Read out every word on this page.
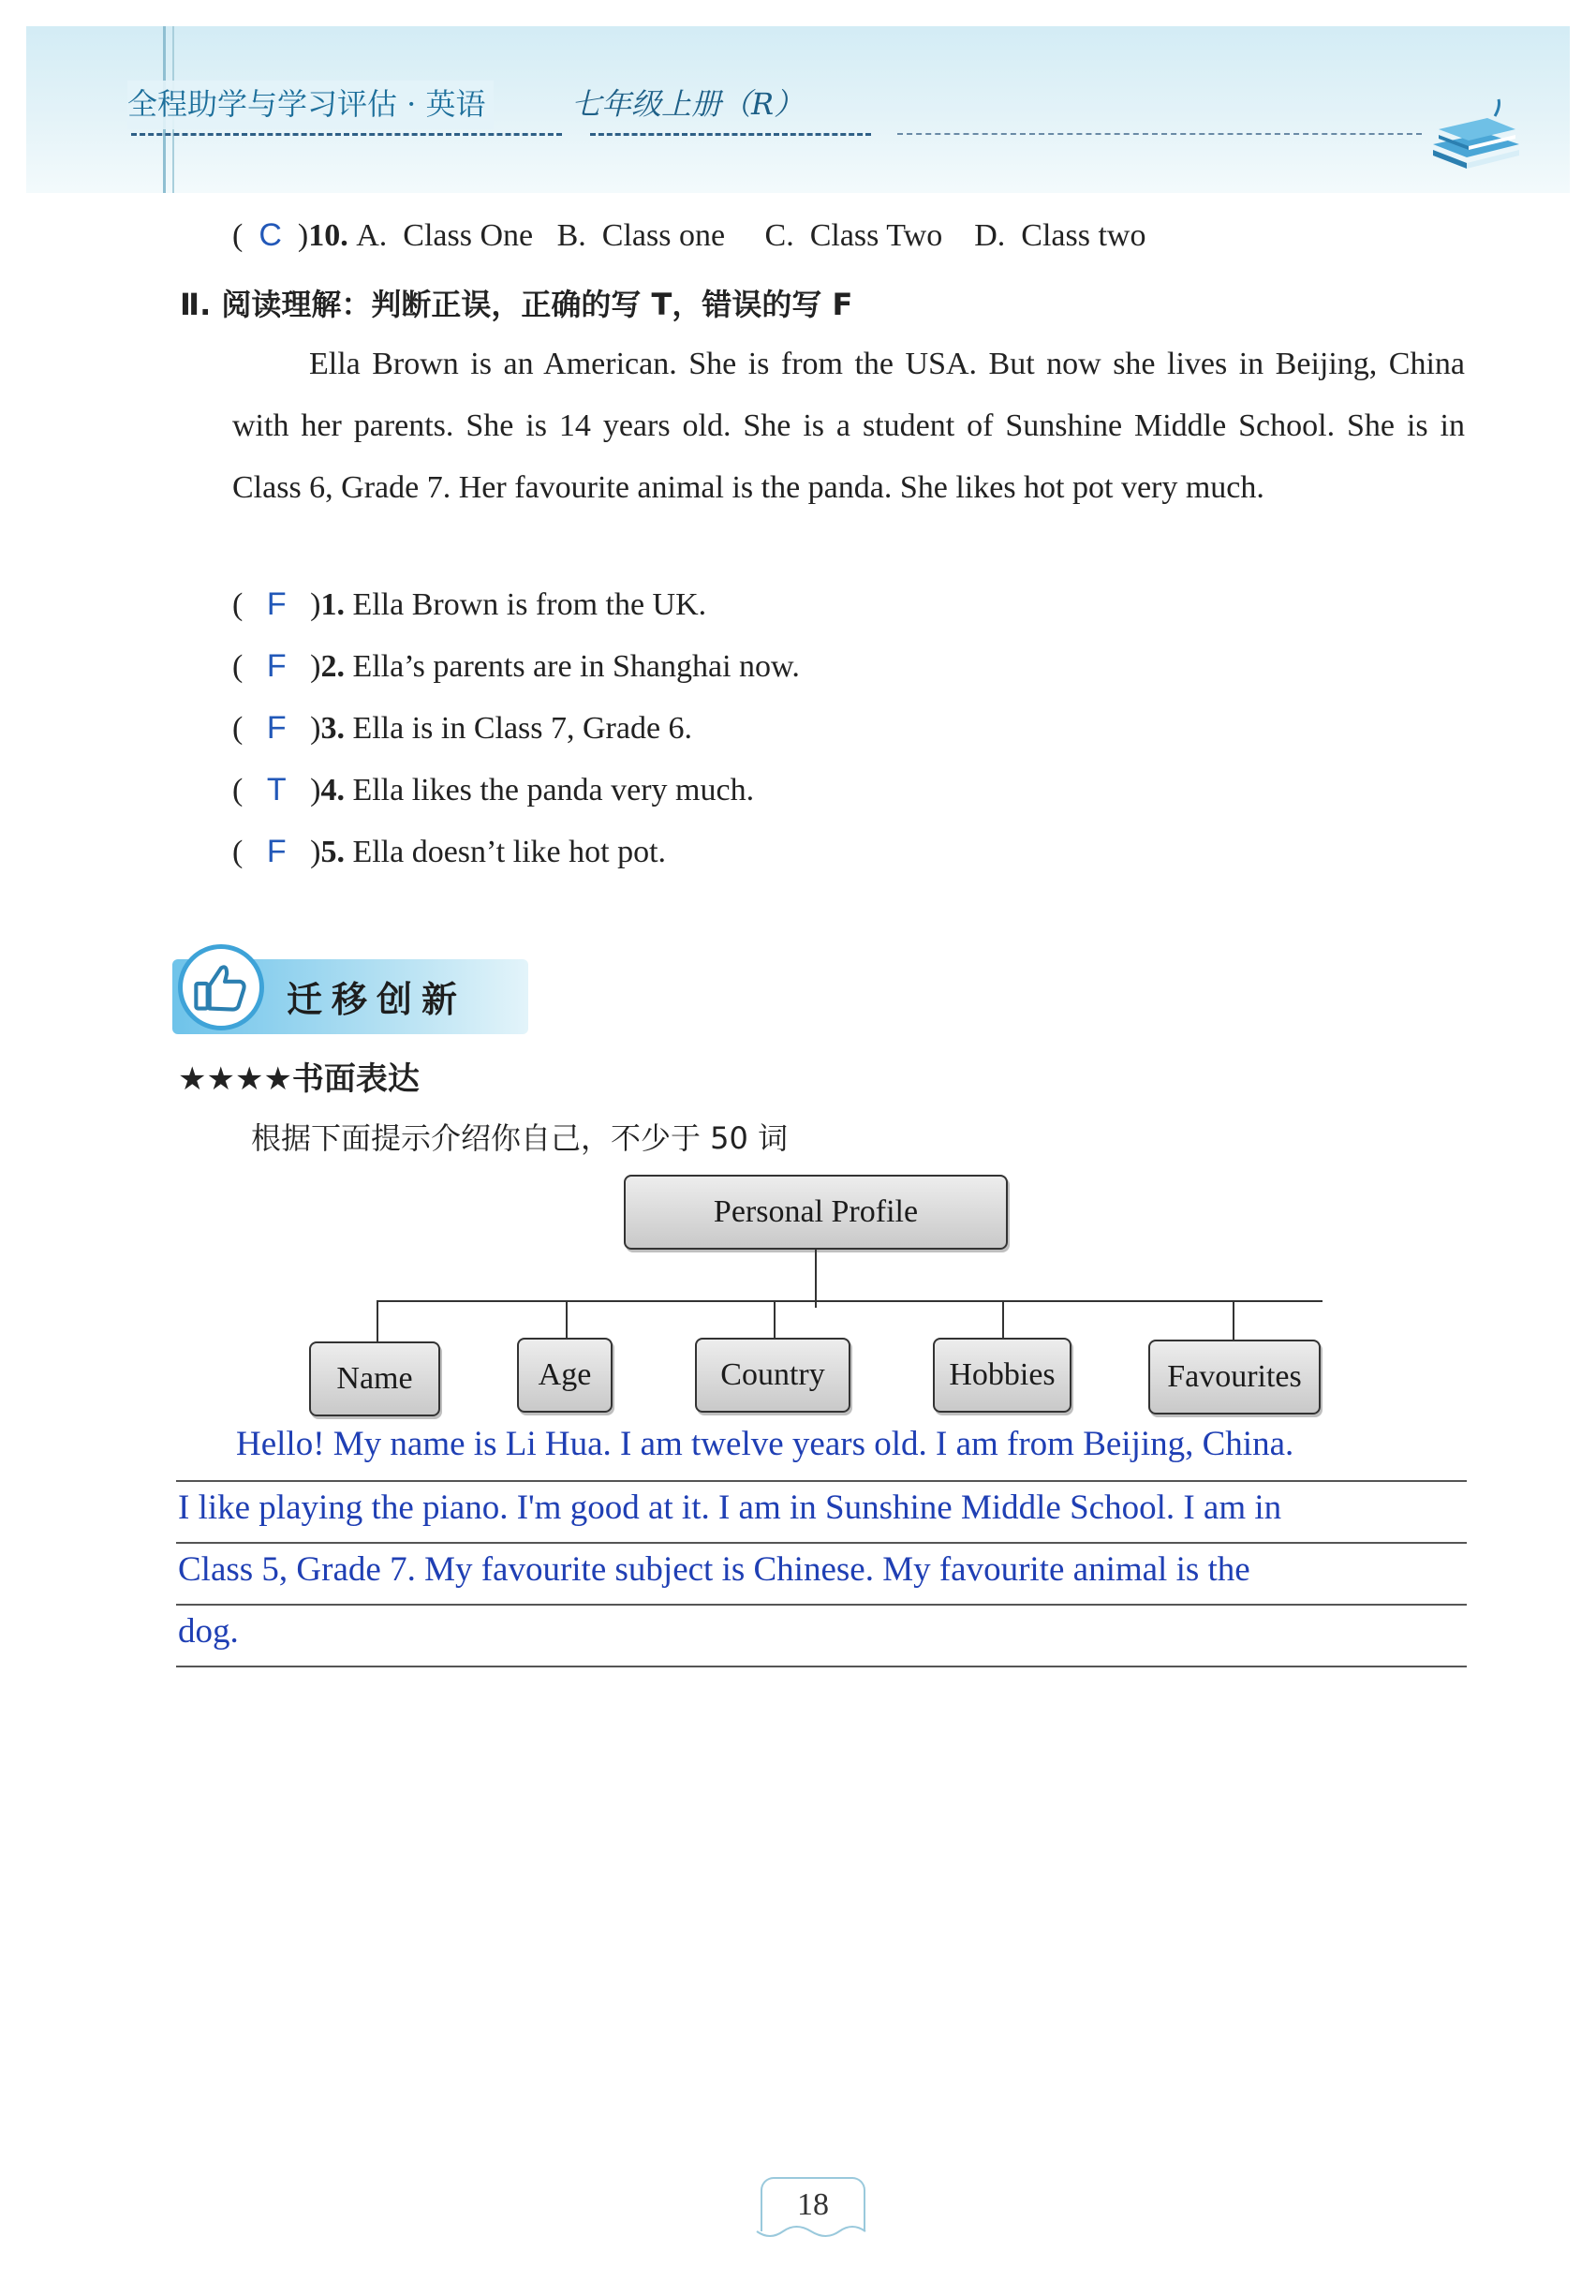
全程助学与学习评估 · 英语	七年级上册（R）
( C )10. A.  Class One   B.  Class one     C.  Class Two    D.  Class two
Ⅱ. 阅读理解：判断正误，正确的写 T，错误的写 F
Ella Brown is an American. She is from the USA. But now she lives in Beijing, China with her parents. She is 14 years old. She is a student of Sunshine Middle School. She is in Class 6, Grade 7. Her favourite animal is the panda. She likes hot pot very much.
(   F   )1. Ella Brown is from the UK.
(   F   )2. Ella’s parents are in Shanghai now.
(   F   )3. Ella is in Class 7, Grade 6.
(   T   )4. Ella likes the panda very much.
(   F   )5. Ella doesn’t like hot pot.
迁移创新
★★★★书面表达
根据下面提示介绍你自己，不少于 50 词
Personal Profile
Name	Age	Country	Hobbies	Favourites
Hello! My name is Li Hua. I am twelve years old. I am from Beijing, China.
I like playing the piano. I'm good at it. I am in Sunshine Middle School. I am in
Class 5, Grade 7. My favourite subject is Chinese. My favourite animal is the
dog.
18
